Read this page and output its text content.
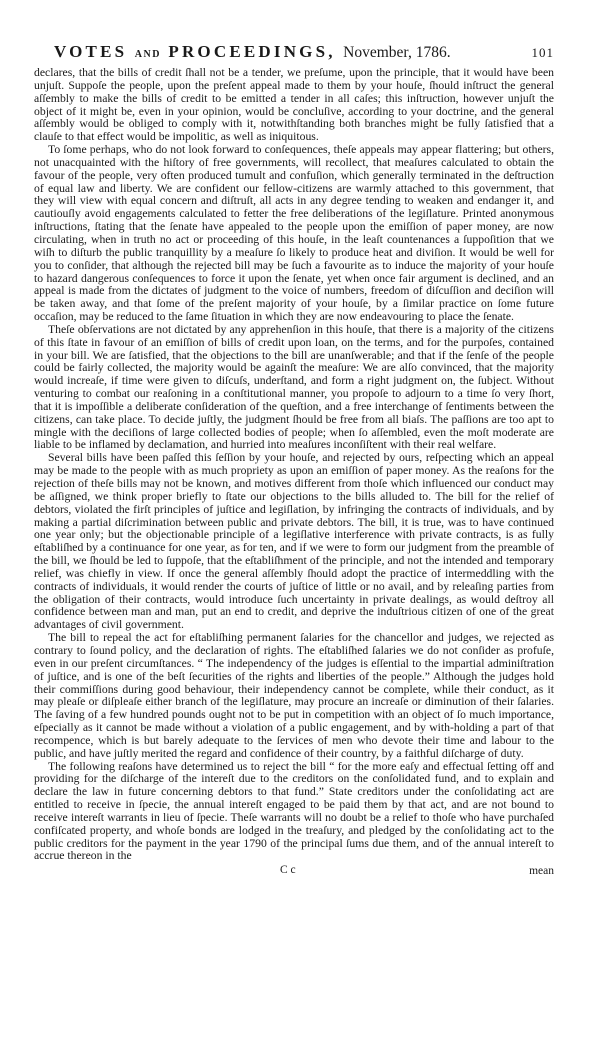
VOTES AND PROCEEDINGS, November, 1786.	101

declares, that the bills of credit ſhall not be a tender, we preſume, upon the principle, that it would have been unjuſt. Suppoſe the people, upon the preſent appeal made to them by your houſe, ſhould inſtruct the general aſſembly to make the bills of credit to be emitted a tender in all caſes; this inſtruction, however unjuſt the object of it might be, even in your opinion, would be concluſive, according to your doctrine, and the general aſſembly would be obliged to comply with it, notwithſtanding both branches might be fully ſatisfied that a clauſe to that effect would be impolitic, as well as iniquitous.

To ſome perhaps, who do not look forward to conſequences, theſe appeals may appear flattering; but others, not unacquainted with the hiſtory of free governments, will recollect, that meaſures calculated to obtain the favour of the people, very often produced tumult and confuſion, which generally terminated in the deſtruction of equal law and liberty. We are confident our fellow-citizens are warmly attached to this government, that they will view with equal concern and diſtruſt, all acts in any degree tending to weaken and endanger it, and cautiouſly avoid engagements calculated to fetter the free deliberations of the legiſlature. Printed anonymous inſtructions, ſtating that the ſenate have appealed to the people upon the emiſſion of paper money, are now circulating, when in truth no act or proceeding of this houſe, in the leaſt countenances a ſuppoſition that we wiſh to diſturb the public tranquillity by a meaſure ſo likely to produce heat and diviſion. It would be well for you to conſider, that although the rejected bill may be ſuch a favourite as to induce the majority of your houſe to hazard dangerous conſequences to force it upon the ſenate, yet when once fair argument is declined, and an appeal is made from the dictates of judgment to the voice of numbers, freedom of diſcuſſion and deciſion will be taken away, and that ſome of the preſent majority of your houſe, by a ſimilar practice on ſome future occaſion, may be reduced to the ſame ſituation in which they are now endeavouring to place the ſenate.

Theſe obſervations are not dictated by any apprehenſion in this houſe, that there is a majority of the citizens of this ſtate in favour of an emiſſion of bills of credit upon loan, on the terms, and for the purpoſes, contained in your bill. We are ſatisfied, that the objections to the bill are unanſwerable; and that if the ſenſe of the people could be fairly collected, the majority would be againſt the meaſure: We are alſo convinced, that the majority would increaſe, if time were given to diſcuſs, underſtand, and form a right judgment on, the ſubject. Without venturing to combat our reaſoning in a conſtitutional manner, you propoſe to adjourn to a time ſo very ſhort, that it is impoſſible a deliberate conſideration of the queſtion, and a free interchange of ſentiments between the citizens, can take place. To decide juſtly, the judgment ſhould be free from all biaſs. The paſſions are too apt to mingle with the deciſions of large collected bodies of people; when ſo aſſembled, even the moſt moderate are liable to be inflamed by declamation, and hurried into meaſures inconſiſtent with their real welfare.

Several bills have been paſſed this ſeſſion by your houſe, and rejected by ours, reſpecting which an appeal may be made to the people with as much propriety as upon an emiſſion of paper money. As the reaſons for the rejection of theſe bills may not be known, and motives different from thoſe which influenced our conduct may be aſſigned, we think proper briefly to ſtate our objections to the bills alluded to. The bill for the relief of debtors, violated the firſt principles of juſtice and legiſlation, by infringing the contracts of individuals, and by making a partial diſcrimination between public and private debtors. The bill, it is true, was to have continued one year only; but the objectionable principle of a legiſlative interference with private contracts, is as fully eſtabliſhed by a continuance for one year, as for ten, and if we were to form our judgment from the preamble of the bill, we ſhould be led to ſuppoſe, that the eſtabliſhment of the principle, and not the intended and temporary relief, was chiefly in view. If once the general aſſembly ſhould adopt the practice of intermeddling with the contracts of individuals, it would render the courts of juſtice of little or no avail, and by releaſing parties from the obligation of their contracts, would introduce ſuch uncertainty in private dealings, as would deſtroy all confidence between man and man, put an end to credit, and deprive the induſtrious citizen of one of the great advantages of civil government.

The bill to repeal the act for eſtabliſhing permanent ſalaries for the chancellor and judges, we rejected as contrary to ſound policy, and the declaration of rights. The eſtabliſhed ſalaries we do not conſider as profuſe, even in our preſent circumſtances. “ The independency of the judges is eſſential to the impartial adminiſtration of juſtice, and is one of the beſt ſecurities of the rights and liberties of the people.” Although the judges hold their commiſſions during good behaviour, their independency cannot be complete, while their conduct, as it may pleaſe or diſpleaſe either branch of the legiſlature, may procure an increaſe or diminution of their ſalaries. The ſaving of a few hundred pounds ought not to be put in competition with an object of ſo much importance, eſpecially as it cannot be made without a violation of a public engagement, and by with-holding a part of that recompence, which is but barely adequate to the ſervices of men who devote their time and labour to the public, and have juſtly merited the regard and confidence of their country, by a faithful diſcharge of duty.

The following reaſons have determined us to reject the bill “ for the more eaſy and effectual ſetting off and providing for the diſcharge of the intereſt due to the creditors on the conſolidated fund, and to explain and declare the law in future concerning debtors to that fund.” State creditors under the conſolidating act are entitled to receive in ſpecie, the annual intereſt engaged to be paid them by that act, and are not bound to receive intereſt warrants in lieu of ſpecie. Theſe warrants will no doubt be a relief to thoſe who have purchaſed confiſcated property, and whoſe bonds are lodged in the treaſury, and pledged by the conſolidating act to the public creditors for the payment in the year 1790 of the principal ſums due them, and of the annual intereſt to accrue thereon in the

C c	mean
